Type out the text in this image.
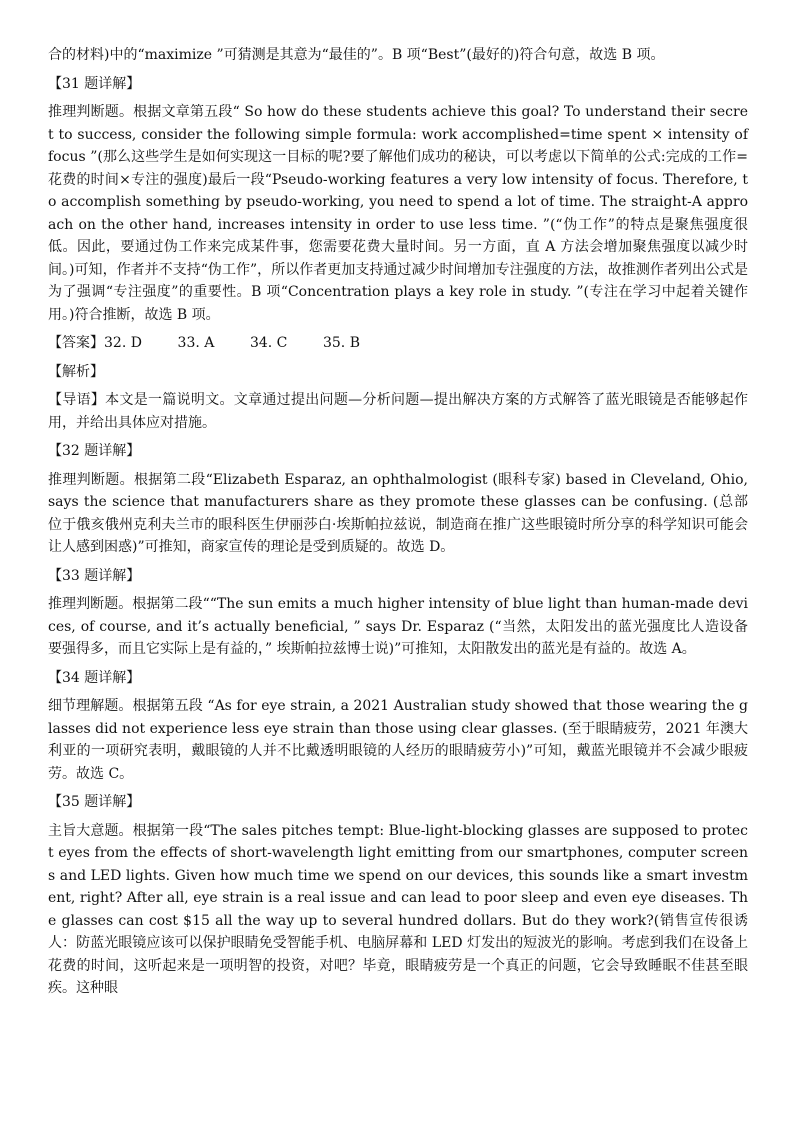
合的材料)中的“maximize ”可猜测是其意为“最佳的”。B 项“Best”(最好的)符合句意，故选 B 项。

【31 题详解】

推理判断题。根据文章第五段“ So how do these students achieve this goal? To understand their secret to success, consider the following simple formula: work accomplished=time spent × intensity of focus ”(那么这些学生是如何实现这一目标的呢?要了解他们成功的秘诀，可以考虑以下简单的公式:完成的工作=花费的时间×专注的强度)最后一段“Pseudo-working features a very low intensity of focus. Therefore, to accomplish something by pseudo-working, you need to spend a lot of time. The straight-A approach on the other hand, increases intensity in order to use less time. ”(“伪工作”的特点是聚焦强度很低。因此，要通过伪工作来完成某件事，您需要花费大量时间。另一方面，直 A 方法会增加聚焦强度以减少时间。)可知，作者并不支持“伪工作”，所以作者更加支持通过减少时间增加专注强度的方法，故推测作者列出公式是为了强调“专注强度”的重要性。B 项“Concentration plays a key role in study. ”(专注在学习中起着关键作用。)符合推断，故选 B 项。

【答案】32. D        33. A        34. C        35. B

【解析】

【导语】本文是一篇说明文。文章通过提出问题—分析问题—提出解决方案的方式解答了蓝光眼镜是否能够起作用，并给出具体应对措施。

【32 题详解】

推理判断题。根据第二段“Elizabeth Esparaz, an ophthalmologist (眼科专家) based in Cleveland, Ohio, says the science that manufacturers share as they promote these glasses can be confusing. (总部位于俄亥俄州克利夫兰市的眼科医生伊丽莎白·埃斯帕拉兹说，制造商在推广这些眼镜时所分享的科学知识可能会让人感到困惑)”可推知，商家宣传的理论是受到质疑的。故选 D。

【33 题详解】

推理判断题。根据第二段““The sun emits a much higher intensity of blue light than human-made devices, of course, and it’s actually beneficial, ” says Dr. Esparaz (“当然，太阳发出的蓝光强度比人造设备要强得多，而且它实际上是有益的，” 埃斯帕拉兹博士说)”可推知，太阳散发出的蓝光是有益的。故选 A。

【34 题详解】

细节理解题。根据第五段 “As for eye strain, a 2021 Australian study showed that those wearing the glasses did not experience less eye strain than those using clear glasses. (至于眼睛疲劳，2021 年澳大利亚的一项研究表明，戴眼镜的人并不比戴透明眼镜的人经历的眼睛疲劳小)”可知，戴蓝光眼镜并不会减少眼疲劳。故选 C。

【35 题详解】

主旨大意题。根据第一段“The sales pitches tempt: Blue-light-blocking glasses are supposed to protect eyes from the effects of short-wavelength light emitting from our smartphones, computer screens and LED lights. Given how much time we spend on our devices, this sounds like a smart investment, right? After all, eye strain is a real issue and can lead to poor sleep and even eye diseases. The glasses can cost $15 all the way up to several hundred dollars. But do they work?(销售宣传很诱人：防蓝光眼镜应该可以保护眼睛免受智能手机、电脑屏幕和 LED 灯发出的短波光的影响。考虑到我们在设备上花费的时间，这听起来是一项明智的投资，对吧？毕竟，眼睛疲劳是一个真正的问题，它会导致睡眠不佳甚至眼疾。这种眼
